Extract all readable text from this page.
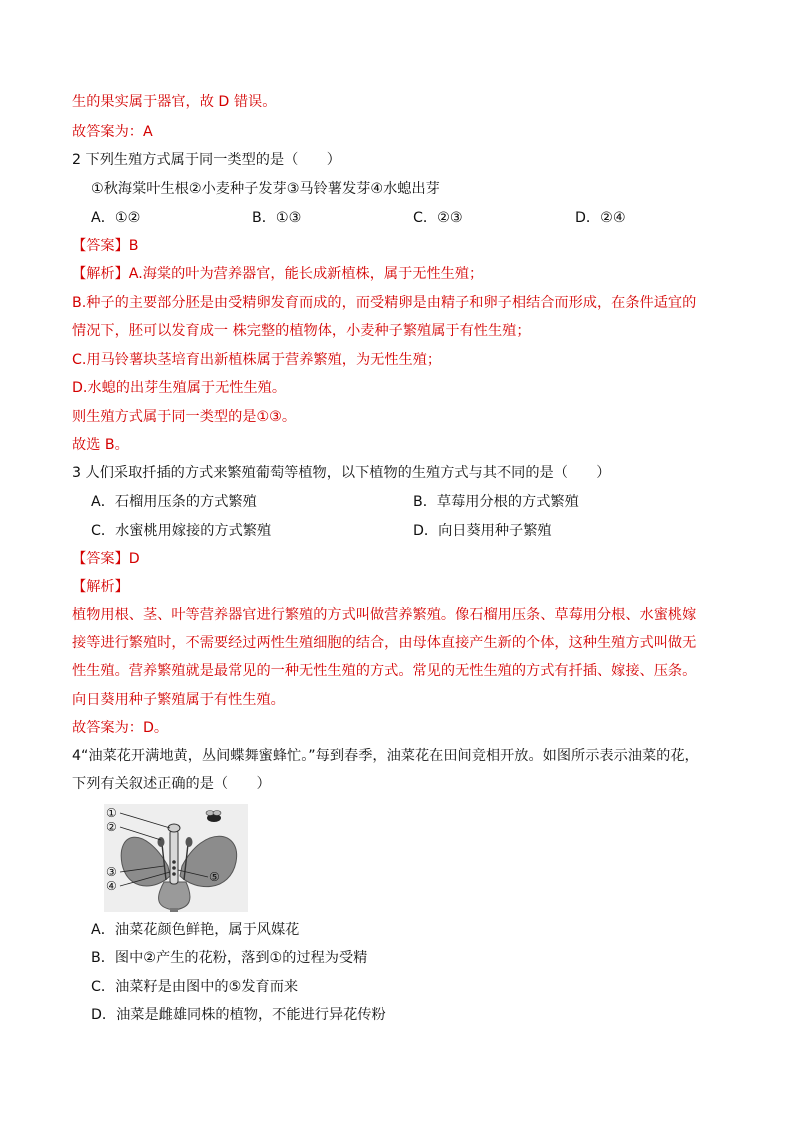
生的果实属于器官，故 D 错误。
故答案为：A
2 下列生殖方式属于同一类型的是（　　）
①秋海棠叶生根②小麦种子发芽③马铃薯发芽④水螅出芽
A．①②	B．①③	C．②③	D．②④
【答案】B
【解析】A.海棠的叶为营养器官，能长成新植株，属于无性生殖；
B.种子的主要部分胚是由受精卵发育而成的，而受精卵是由精子和卵子相结合而形成，在条件适宜的
情况下，胚可以发育成一 株完整的植物体，小麦种子繁殖属于有性生殖；
C.用马铃薯块茎培育出新植株属于营养繁殖，为无性生殖；
D.水螅的出芽生殖属于无性生殖。
则生殖方式属于同一类型的是①③。
故选 B。
3 人们采取扦插的方式来繁殖葡萄等植物，以下植物的生殖方式与其不同的是（　　）
A．石榴用压条的方式繁殖	B．草莓用分根的方式繁殖
C．水蜜桃用嫁接的方式繁殖	D．向日葵用种子繁殖
【答案】D
【解析】
植物用根、茎、叶等营养器官进行繁殖的方式叫做营养繁殖。像石榴用压条、草莓用分根、水蜜桃嫁
接等进行繁殖时，不需要经过两性生殖细胞的结合，由母体直接产生新的个体，这种生殖方式叫做无
性生殖。营养繁殖就是最常见的一种无性生殖的方式。常见的无性生殖的方式有扦插、嫁接、压条。
向日葵用种子繁殖属于有性生殖。
故答案为：D。
4“油菜花开满地黄，丛间蝶舞蜜蜂忙。”每到春季，油菜花在田间竞相开放。如图所示表示油菜的花，
下列有关叙述正确的是（　　）
①
②
③
④
⑤
A．油菜花颜色鲜艳，属于风媒花
B．图中②产生的花粉，落到①的过程为受精
C．油菜籽是由图中的⑤发育而来
D．油菜是雌雄同株的植物，不能进行异花传粉
